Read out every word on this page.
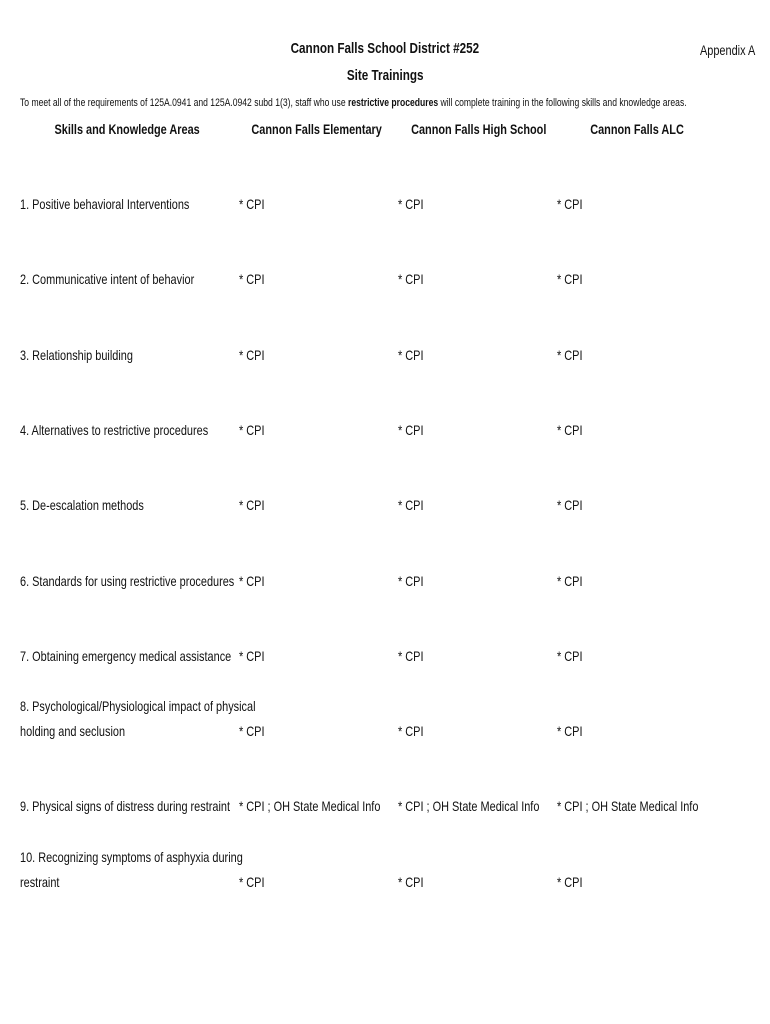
Appendix A
Cannon Falls School District #252
Site Trainings
To meet all of the requirements of 125A.0941 and 125A.0942 subd 1(3), staff who use restrictive procedures will complete training in the following skills and knowledge areas.
Skills and Knowledge Areas	Cannon Falls Elementary	Cannon Falls High School	Cannon Falls ALC
1. Positive behavioral Interventions	* CPI	* CPI	* CPI
2. Communicative intent of behavior	* CPI	* CPI	* CPI
3. Relationship building	* CPI	* CPI	* CPI
4. Alternatives to restrictive procedures	* CPI	* CPI	* CPI
5. De-escalation methods	* CPI	* CPI	* CPI
6. Standards for using restrictive procedures * CPI	* CPI	* CPI
7. Obtaining emergency medical assistance * CPI	* CPI	* CPI
8. Psychological/Physiological impact of physical
holding and seclusion	* CPI	* CPI	* CPI
9. Physical signs of distress during restraint * CPI ; OH State Medical Info	* CPI ; OH State Medical Info	* CPI ; OH State Medical Info
10. Recognizing symptoms of asphyxia during
restraint	* CPI	* CPI	* CPI
